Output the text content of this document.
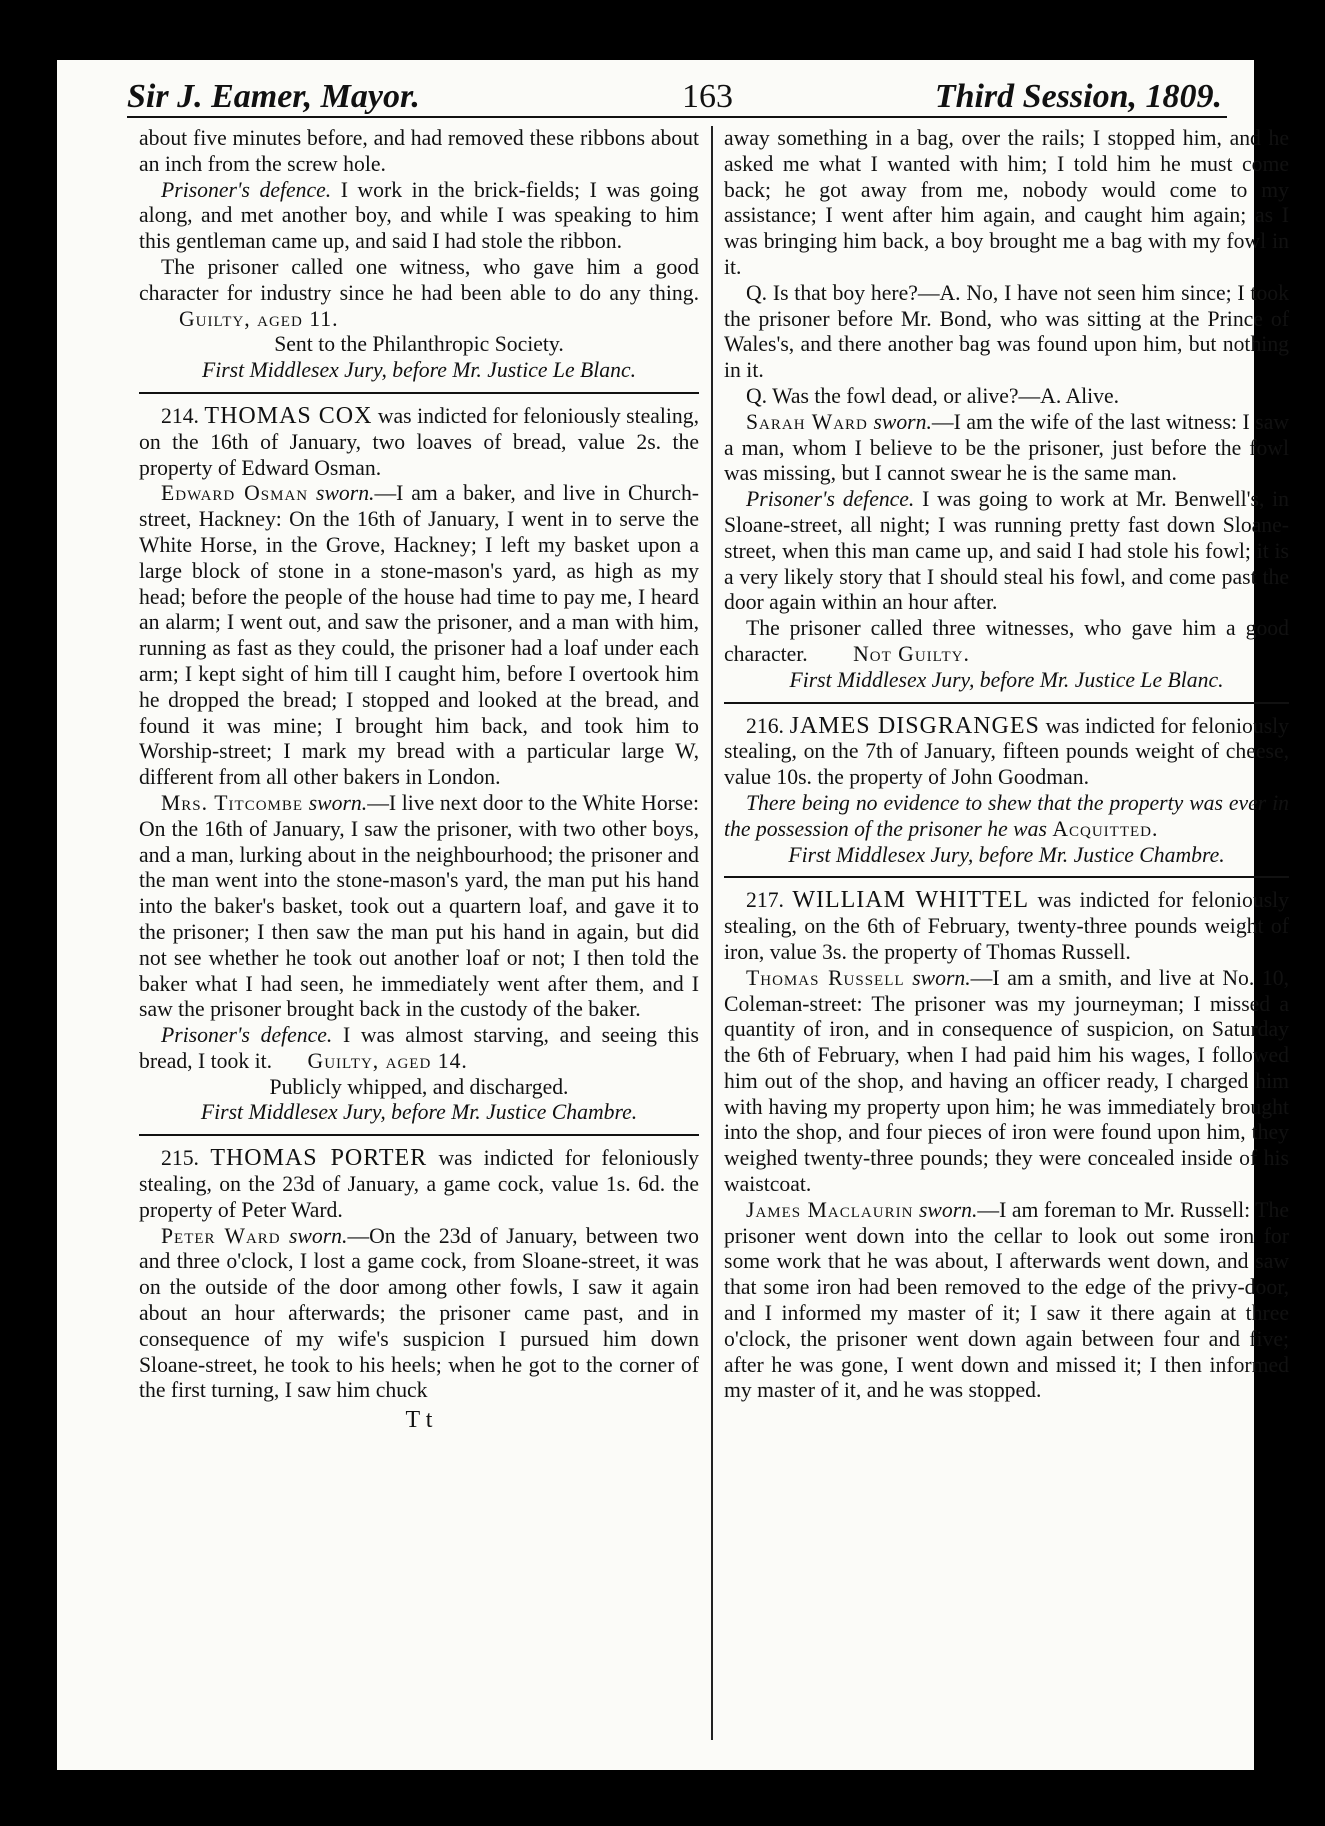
Sir J. Eamer, Mayor.	163	Third Session, 1809.

about five minutes before, and had removed these ribbons about an inch from the screw hole.

Prisoner's defence. I work in the brick-fields; I was going along, and met another boy, and while I was speaking to him this gentleman came up, and said I had stole the ribbon.

The prisoner called one witness, who gave him a good character for industry since he had been able to do any thing. Guilty, aged 11.

Sent to the Philanthropic Society.

First Middlesex Jury, before Mr. Justice Le Blanc.

214. THOMAS COX was indicted for feloniously stealing, on the 16th of January, two loaves of bread, value 2s. the property of Edward Osman.

Edward Osman sworn.—I am a baker, and live in Church-street, Hackney: On the 16th of January, I went in to serve the White Horse, in the Grove, Hackney; I left my basket upon a large block of stone in a stone-mason's yard, as high as my head; before the people of the house had time to pay me, I heard an alarm; I went out, and saw the prisoner, and a man with him, running as fast as they could, the prisoner had a loaf under each arm; I kept sight of him till I caught him, before I overtook him he dropped the bread; I stopped and looked at the bread, and found it was mine; I brought him back, and took him to Worship-street; I mark my bread with a particular large W, different from all other bakers in London.

Mrs. Titcombe sworn.—I live next door to the White Horse: On the 16th of January, I saw the prisoner, with two other boys, and a man, lurking about in the neighbourhood; the prisoner and the man went into the stone-mason's yard, the man put his hand into the baker's basket, took out a quartern loaf, and gave it to the prisoner; I then saw the man put his hand in again, but did not see whether he took out another loaf or not; I then told the baker what I had seen, he immediately went after them, and I saw the prisoner brought back in the custody of the baker.

Prisoner's defence. I was almost starving, and seeing this bread, I took it. Guilty, aged 14.

Publicly whipped, and discharged.

First Middlesex Jury, before Mr. Justice Chambre.

215. THOMAS PORTER was indicted for feloniously stealing, on the 23d of January, a game cock, value 1s. 6d. the property of Peter Ward.

Peter Ward sworn.—On the 23d of January, between two and three o'clock, I lost a game cock, from Sloane-street, it was on the outside of the door among other fowls, I saw it again about an hour afterwards; the prisoner came past, and in consequence of my wife's suspicion I pursued him down Sloane-street, he took to his heels; when he got to the corner of the first turning, I saw him chuck

T t

away something in a bag, over the rails; I stopped him, and he asked me what I wanted with him; I told him he must come back; he got away from me, nobody would come to my assistance; I went after him again, and caught him again; as I was bringing him back, a boy brought me a bag with my fowl in it.

Q. Is that boy here?—A. No, I have not seen him since; I took the prisoner before Mr. Bond, who was sitting at the Prince of Wales's, and there another bag was found upon him, but nothing in it.

Q. Was the fowl dead, or alive?—A. Alive.

Sarah Ward sworn.—I am the wife of the last witness: I saw a man, whom I believe to be the prisoner, just before the fowl was missing, but I cannot swear he is the same man.

Prisoner's defence. I was going to work at Mr. Benwell's, in Sloane-street, all night; I was running pretty fast down Sloane-street, when this man came up, and said I had stole his fowl; it is a very likely story that I should steal his fowl, and come past the door again within an hour after.

The prisoner called three witnesses, who gave him a good character. Not Guilty.

First Middlesex Jury, before Mr. Justice Le Blanc.

216. JAMES DISGRANGES was indicted for feloniously stealing, on the 7th of January, fifteen pounds weight of cheese, value 10s. the property of John Goodman.

There being no evidence to shew that the property was ever in the possession of the prisoner he was Acquitted.

First Middlesex Jury, before Mr. Justice Chambre.

217. WILLIAM WHITTEL was indicted for feloniously stealing, on the 6th of February, twenty-three pounds weight of iron, value 3s. the property of Thomas Russell.

Thomas Russell sworn.—I am a smith, and live at No. 10, Coleman-street: The prisoner was my journeyman; I missed a quantity of iron, and in consequence of suspicion, on Saturday the 6th of February, when I had paid him his wages, I followed him out of the shop, and having an officer ready, I charged him with having my property upon him; he was immediately brought into the shop, and four pieces of iron were found upon him, they weighed twenty-three pounds; they were concealed inside of his waistcoat.

James Maclaurin sworn.—I am foreman to Mr. Russell: The prisoner went down into the cellar to look out some iron for some work that he was about, I afterwards went down, and saw that some iron had been removed to the edge of the privy-door, and I informed my master of it; I saw it there again at three o'clock, the prisoner went down again between four and five; after he was gone, I went down and missed it; I then informed my master of it, and he was stopped.
